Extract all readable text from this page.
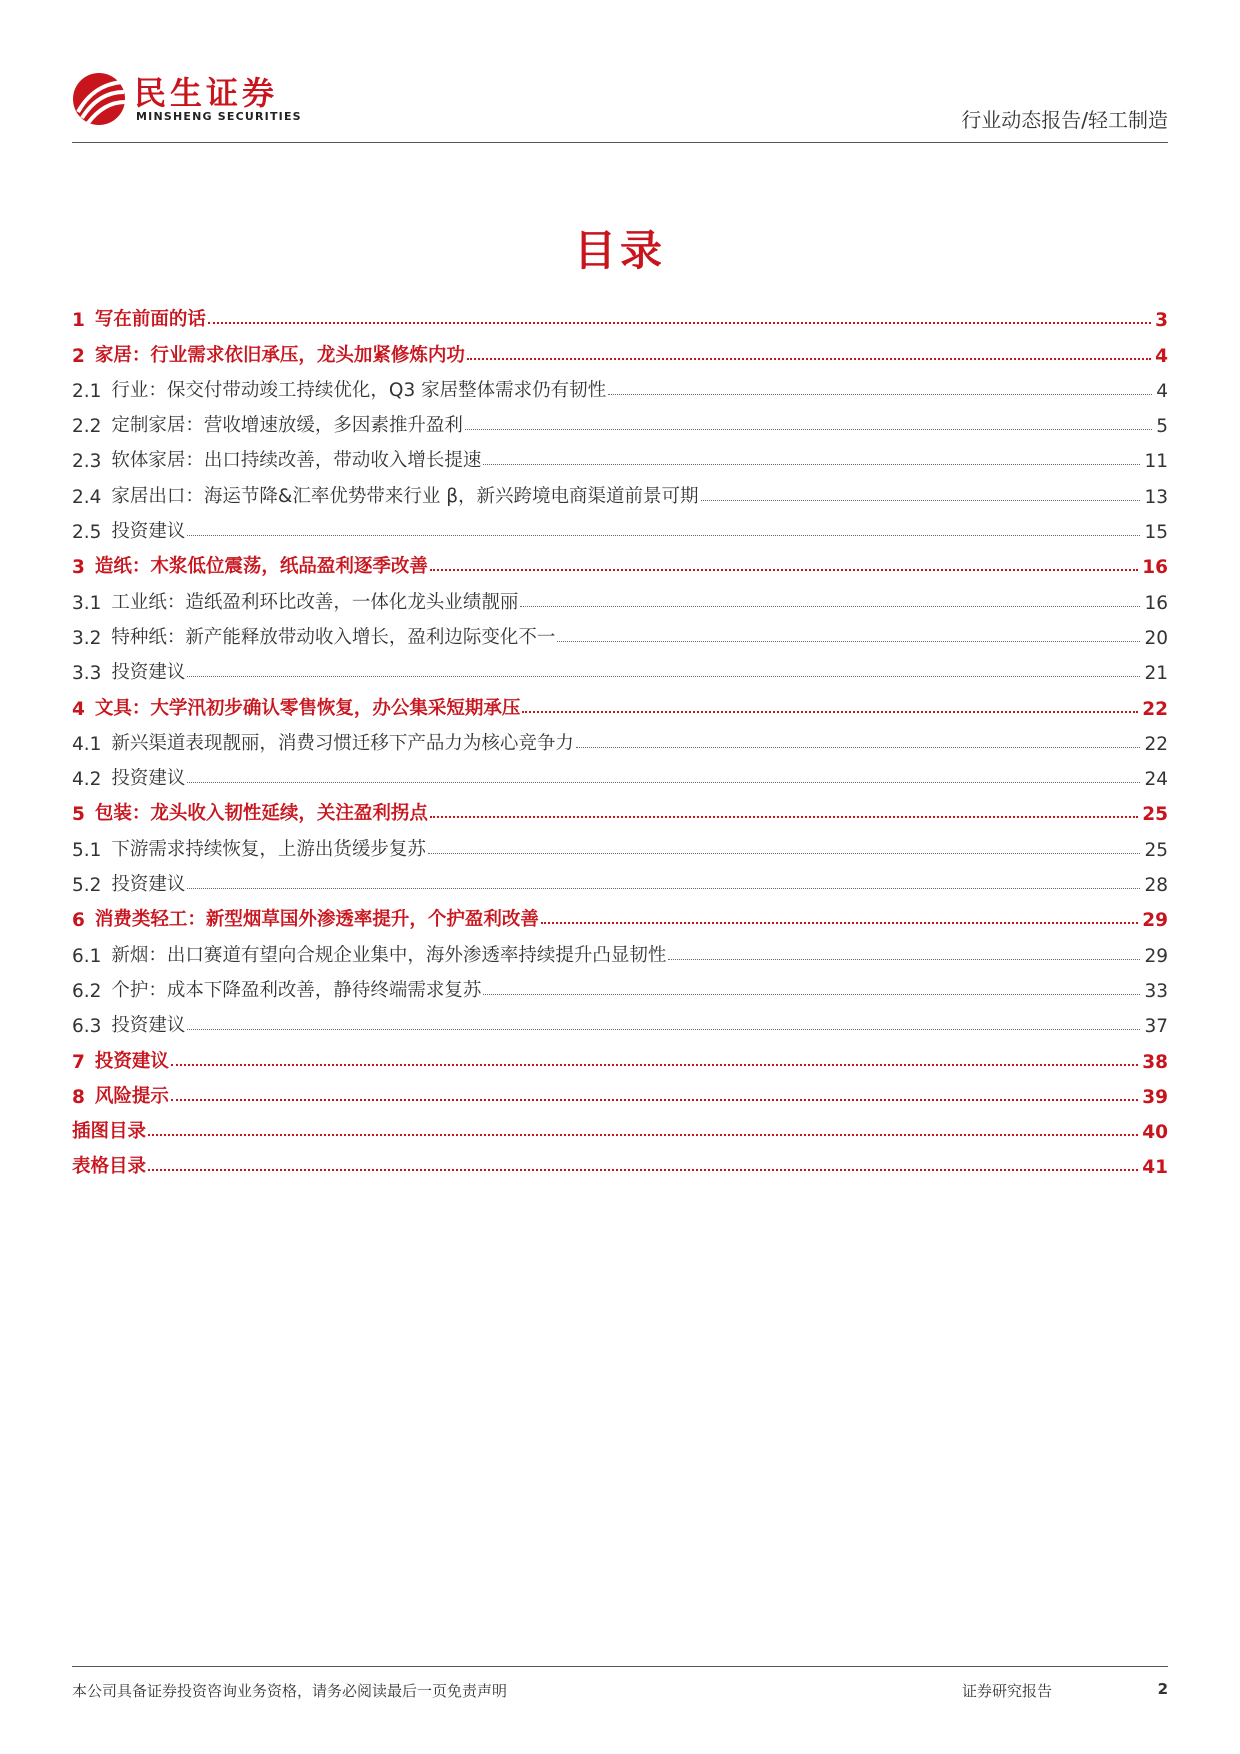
民生证券
MINSHENG SECURITIES	行业动态报告/轻工制造
目录
1 写在前面的话	3
2 家居：行业需求依旧承压，龙头加紧修炼内功	4
2.1 行业：保交付带动竣工持续优化，Q3 家居整体需求仍有韧性	4
2.2 定制家居：营收增速放缓，多因素推升盈利	5
2.3 软体家居：出口持续改善，带动收入增长提速	11
2.4 家居出口：海运节降&汇率优势带来行业 β，新兴跨境电商渠道前景可期	13
2.5 投资建议	15
3 造纸：木浆低位震荡，纸品盈利逐季改善	16
3.1 工业纸：造纸盈利环比改善，一体化龙头业绩靓丽	16
3.2 特种纸：新产能释放带动收入增长，盈利边际变化不一	20
3.3 投资建议	21
4 文具：大学汛初步确认零售恢复，办公集采短期承压	22
4.1 新兴渠道表现靓丽，消费习惯迁移下产品力为核心竞争力	22
4.2 投资建议	24
5 包装：龙头收入韧性延续，关注盈利拐点	25
5.1 下游需求持续恢复，上游出货缓步复苏	25
5.2 投资建议	28
6 消费类轻工：新型烟草国外渗透率提升，个护盈利改善	29
6.1 新烟：出口赛道有望向合规企业集中，海外渗透率持续提升凸显韧性	29
6.2 个护：成本下降盈利改善，静待终端需求复苏	33
6.3 投资建议	37
7 投资建议	38
8 风险提示	39
插图目录	40
表格目录	41
本公司具备证券投资咨询业务资格，请务必阅读最后一页免责声明	证券研究报告	2
